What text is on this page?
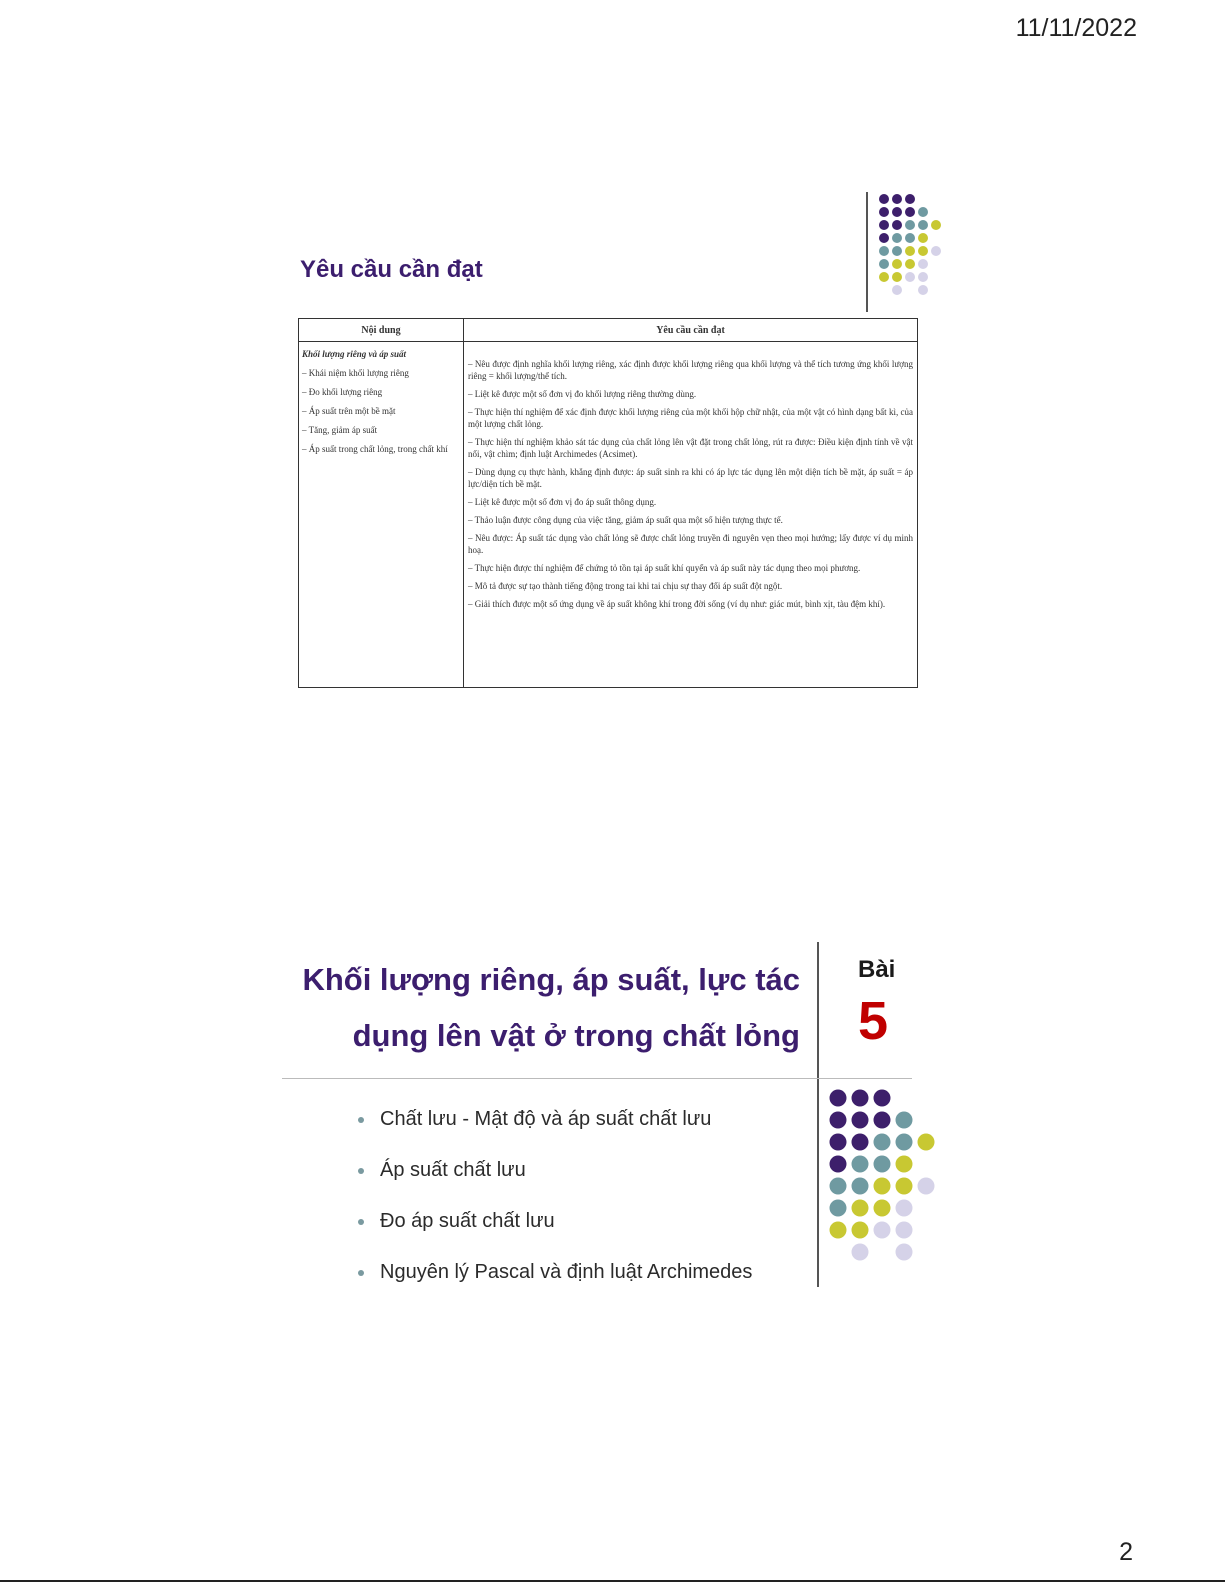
11/11/2022
Yêu cầu cần đạt
Nội dung	Yêu cầu cần đạt

Khối lượng riêng và áp suất

– Khái niệm khối lượng riêng

– Đo khối lượng riêng

– Áp suất trên một bề mặt

– Tăng, giảm áp suất

– Áp suất trong chất lỏng, trong chất khí

– Nêu được định nghĩa khối lượng riêng, xác định được khối lượng riêng qua khối lượng và thể tích tương ứng khối lượng riêng = khối lượng/thể tích.

– Liệt kê được một số đơn vị đo khối lượng riêng thường dùng.

– Thực hiện thí nghiệm để xác định được khối lượng riêng của một khối hộp chữ nhật, của một vật có hình dạng bất kì, của một lượng chất lỏng.

– Thực hiện thí nghiệm khảo sát tác dụng của chất lỏng lên vật đặt trong chất lỏng, rút ra được: Điều kiện định tính về vật nổi, vật chìm; định luật Archimedes (Acsimet).

– Dùng dụng cụ thực hành, khẳng định được: áp suất sinh ra khi có áp lực tác dụng lên một diện tích bề mặt, áp suất = áp lực/diện tích bề mặt.

– Liệt kê được một số đơn vị đo áp suất thông dụng.

– Thảo luận được công dụng của việc tăng, giảm áp suất qua một số hiện tượng thực tế.

– Nêu được: Áp suất tác dụng vào chất lỏng sẽ được chất lỏng truyền đi nguyên vẹn theo mọi hướng; lấy được ví dụ minh hoạ.

– Thực hiện được thí nghiệm để chứng tỏ tồn tại áp suất khí quyển và áp suất này tác dụng theo mọi phương.

– Mô tả được sự tạo thành tiếng động trong tai khi tai chịu sự thay đổi áp suất đột ngột.

– Giải thích được một số ứng dụng về áp suất không khí trong đời sống (ví dụ như: giác mút, bình xịt, tàu đệm khí).

Khối lượng riêng, áp suất, lực tác
dụng lên vật ở trong chất lỏng
Bài
5
Chất lưu - Mật độ và áp suất chất lưu
Áp suất chất lưu
Đo áp suất chất lưu
Nguyên lý Pascal và định luật Archimedes
2
